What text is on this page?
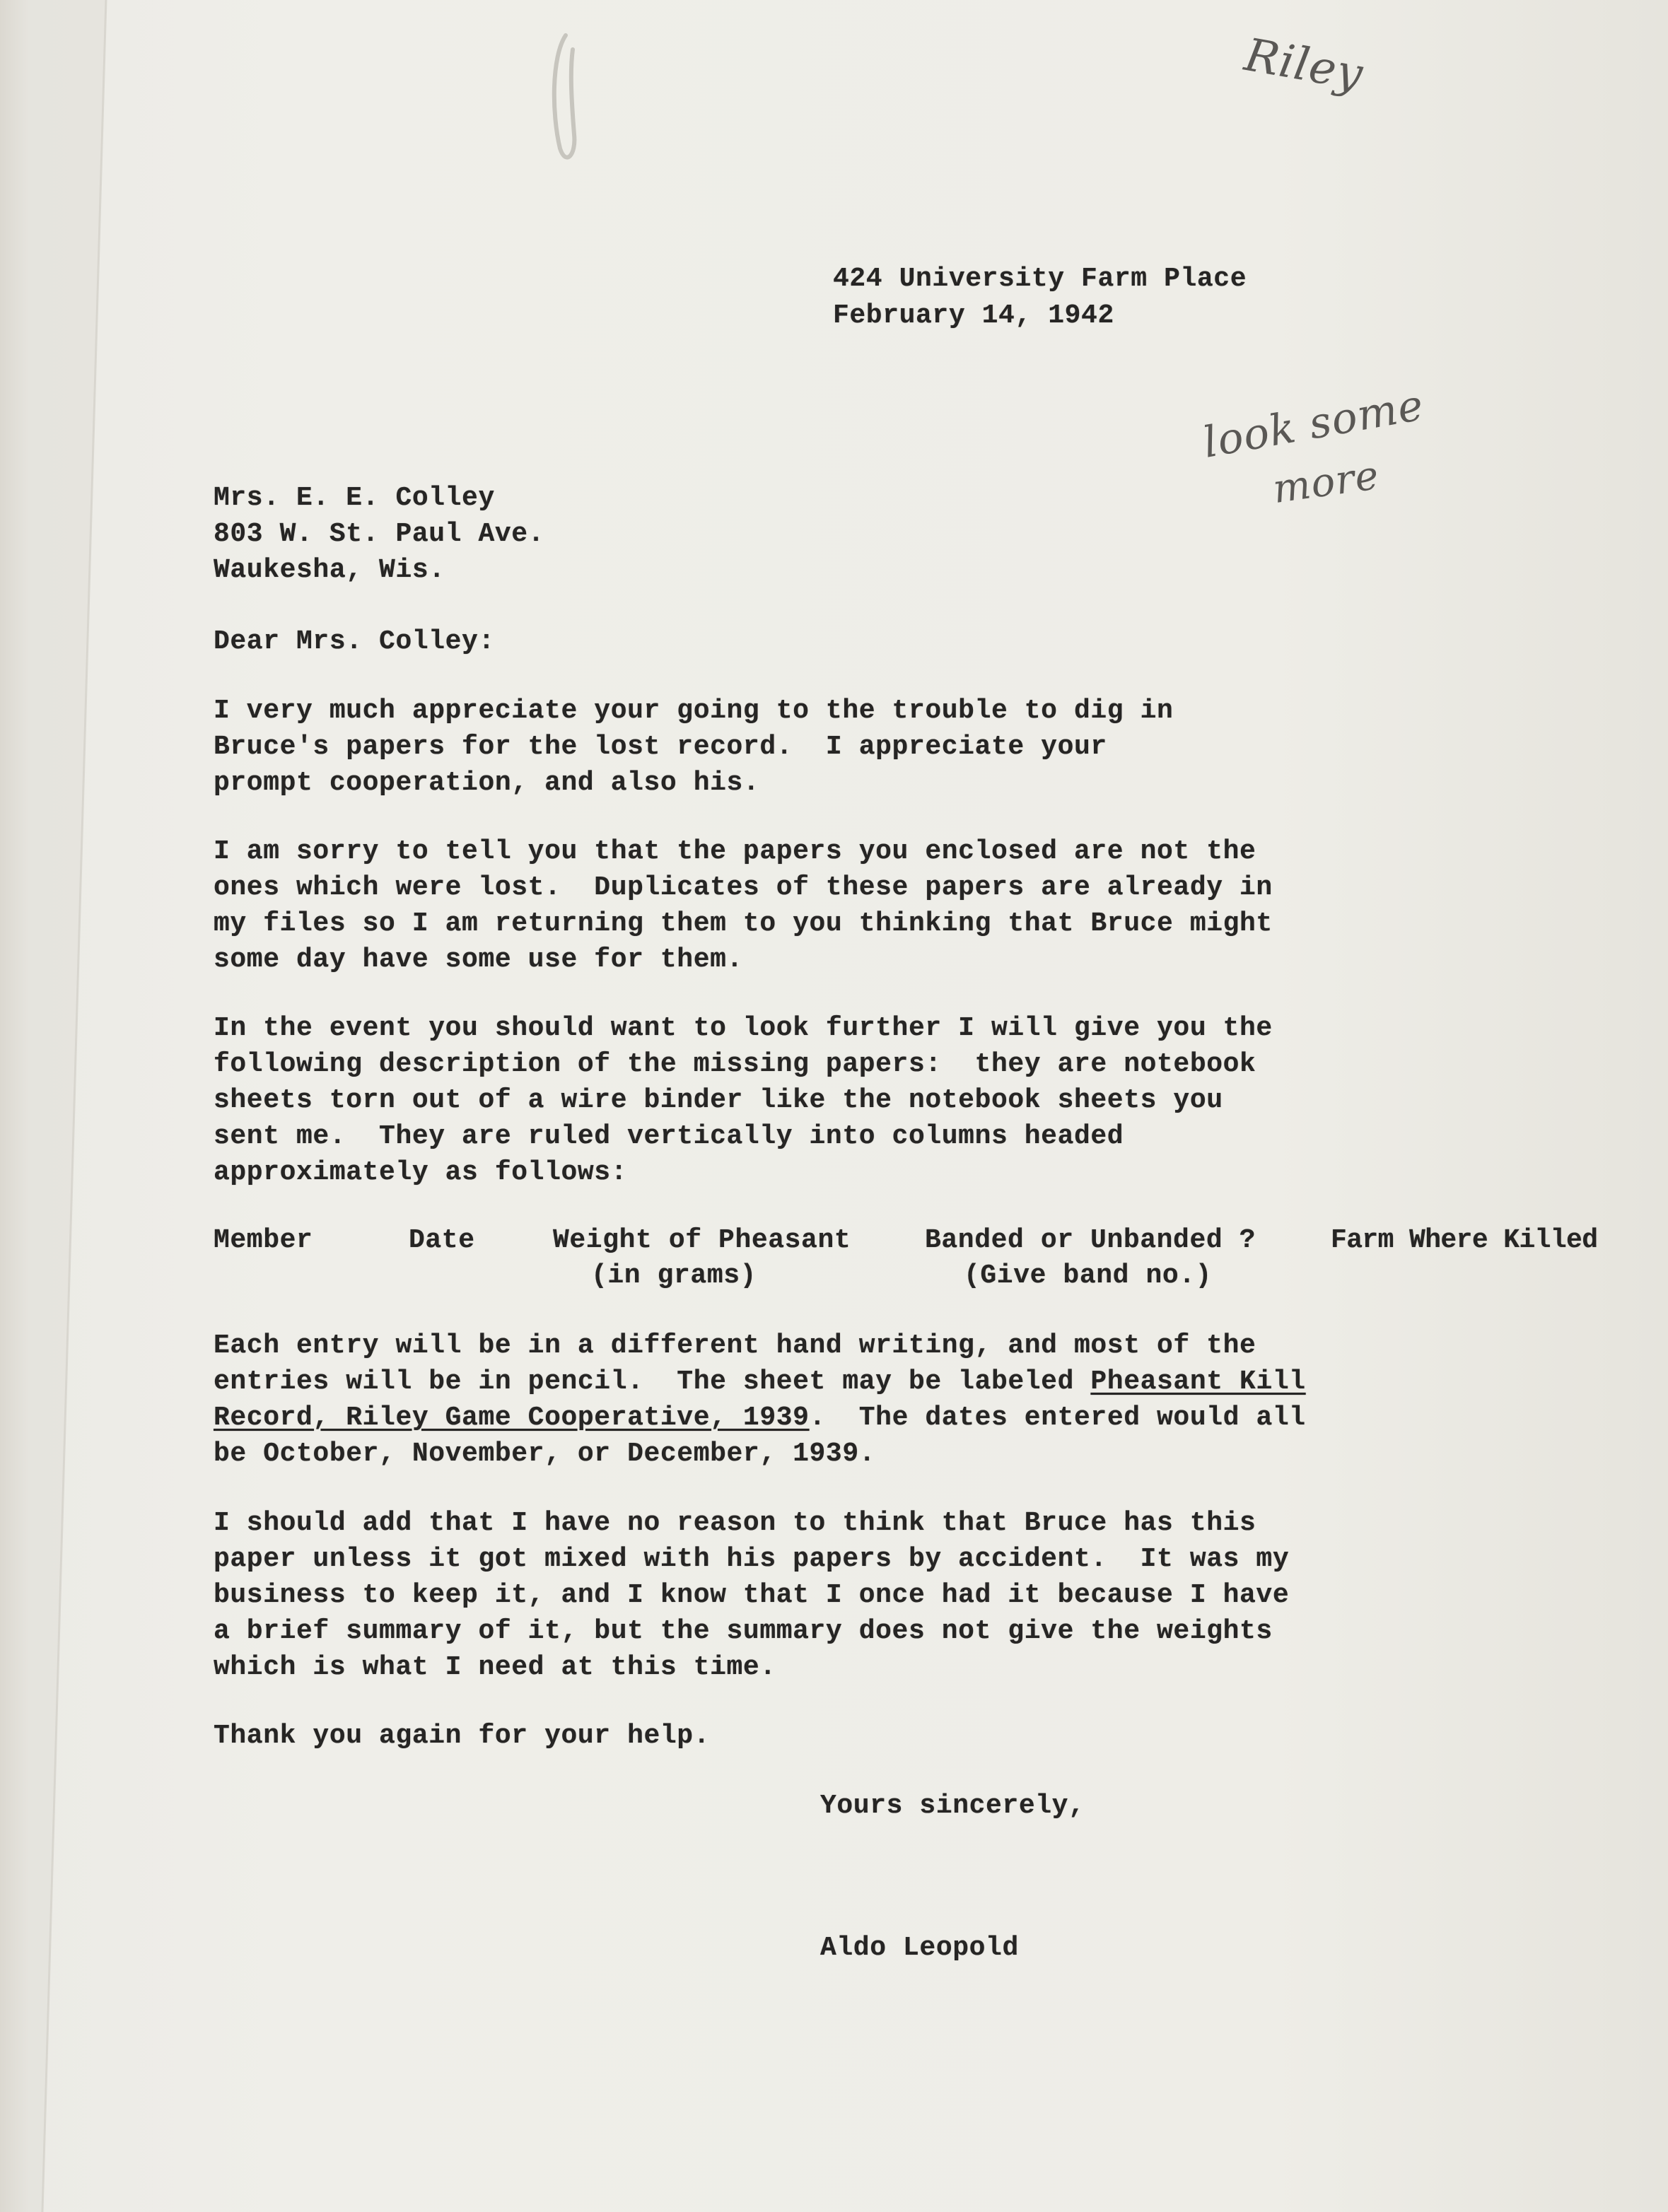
Riley
look some
more
424 University Farm Place
February 14, 1942
Mrs. E. E. Colley
803 W. St. Paul Ave.
Waukesha, Wis.
Dear Mrs. Colley:
I very much appreciate your going to the trouble to dig in
Bruce's papers for the lost record.  I appreciate your
prompt cooperation, and also his.
I am sorry to tell you that the papers you enclosed are not the
ones which were lost.  Duplicates of these papers are already in
my files so I am returning them to you thinking that Bruce might
some day have some use for them.
In the event you should want to look further I will give you the
following description of the missing papers:  they are notebook
sheets torn out of a wire binder like the notebook sheets you
sent me.  They are ruled vertically into columns headed
approximately as follows:
Member	Date	Weight of Pheasant
(in grams)
Banded or Unbanded ?
(Give band no.)
Farm Where Killed
Each entry will be in a different hand writing, and most of the
entries will be in pencil.  The sheet may be labeled Pheasant Kill
Record, Riley Game Cooperative, 1939.  The dates entered would all
be October, November, or December, 1939.
I should add that I have no reason to think that Bruce has this
paper unless it got mixed with his papers by accident.  It was my
business to keep it, and I know that I once had it because I have
a brief summary of it, but the summary does not give the weights
which is what I need at this time.
Thank you again for your help.
Yours sincerely,
Aldo Leopold
